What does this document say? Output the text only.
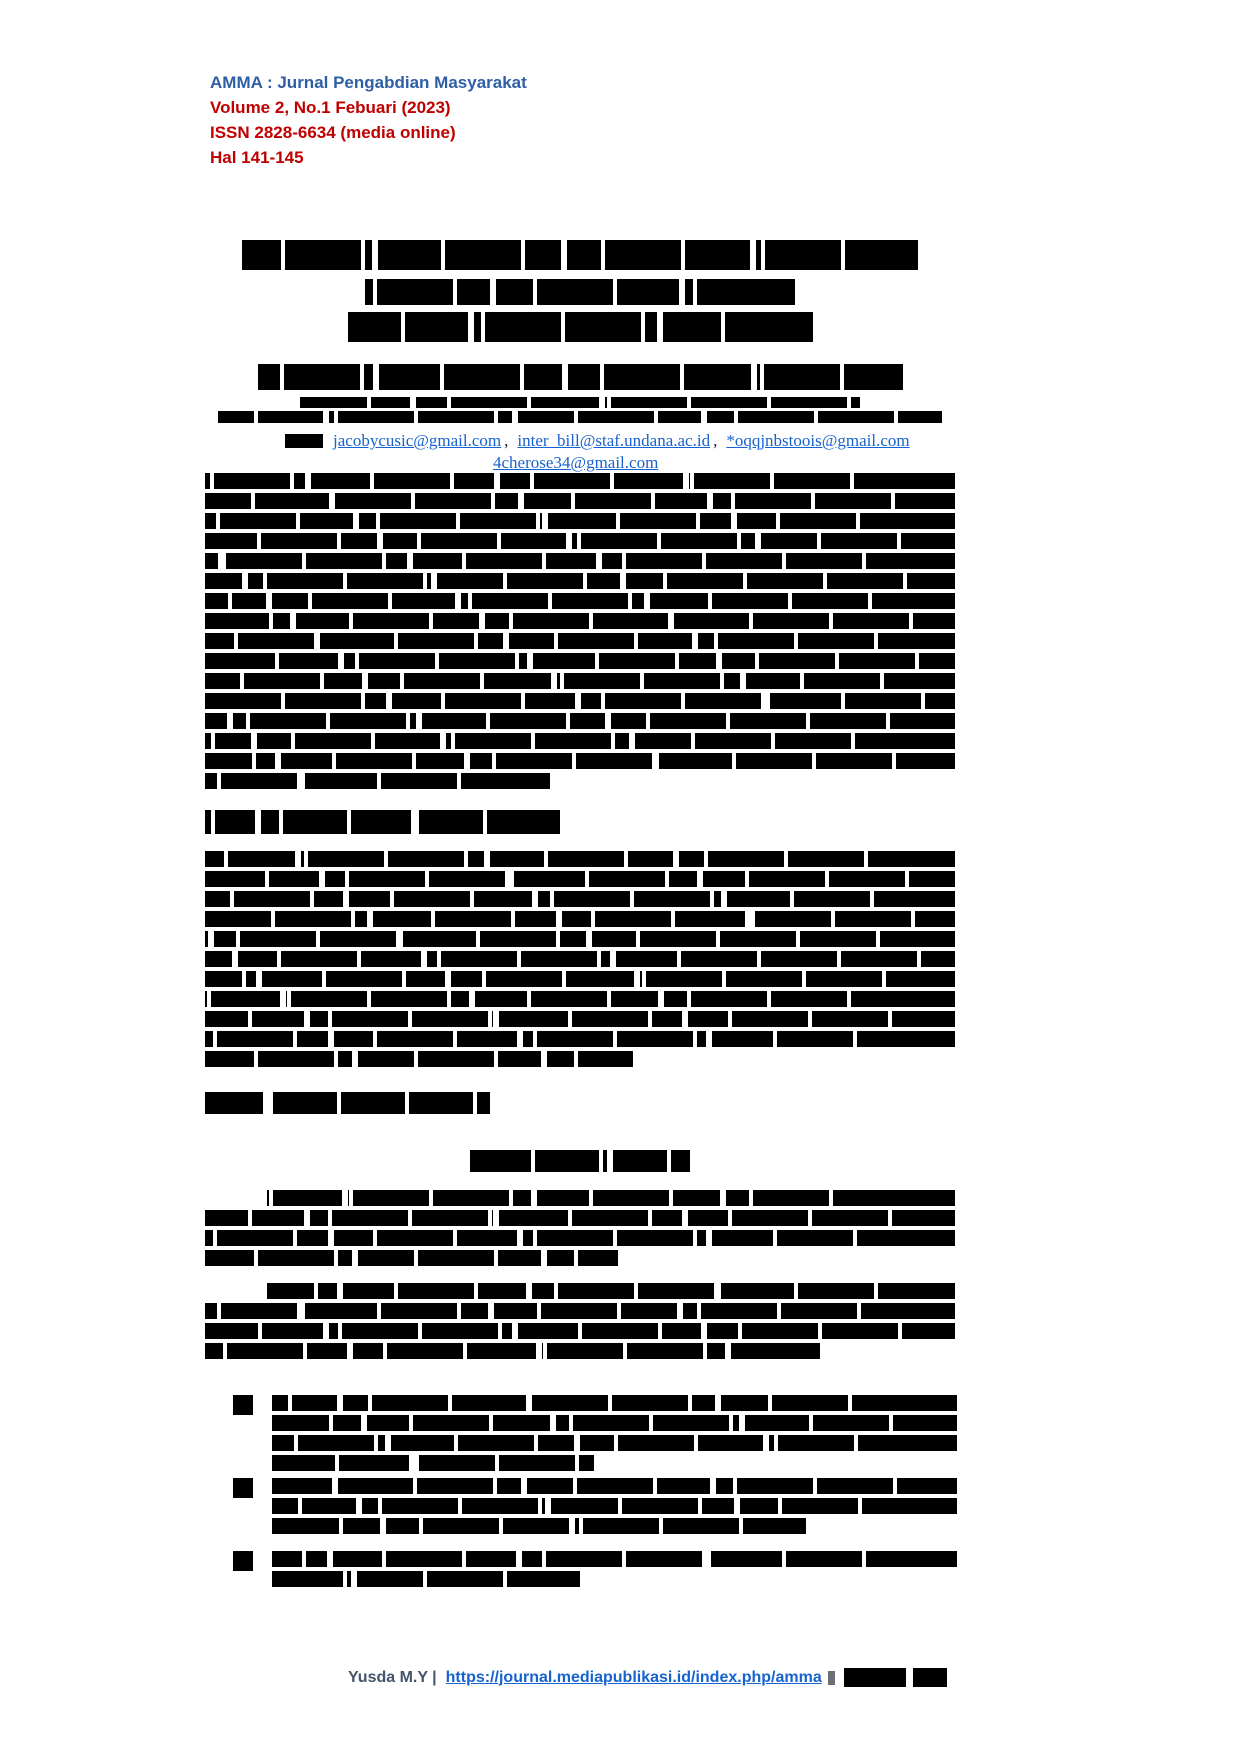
AMMA : Jurnal Pengabdian Masyarakat
Volume 2, No.1 Febuari (2023)
ISSN 2828-6634 (media online)
Hal 141-145
jacobycusic@gmail.com , inter_bill@staf.undana.ac.id , *oqqjnbstoois@gmail.com
4cherose34@gmail.com
Yusda M.Y | https://journal.mediapublikasi.id/index.php/amma
